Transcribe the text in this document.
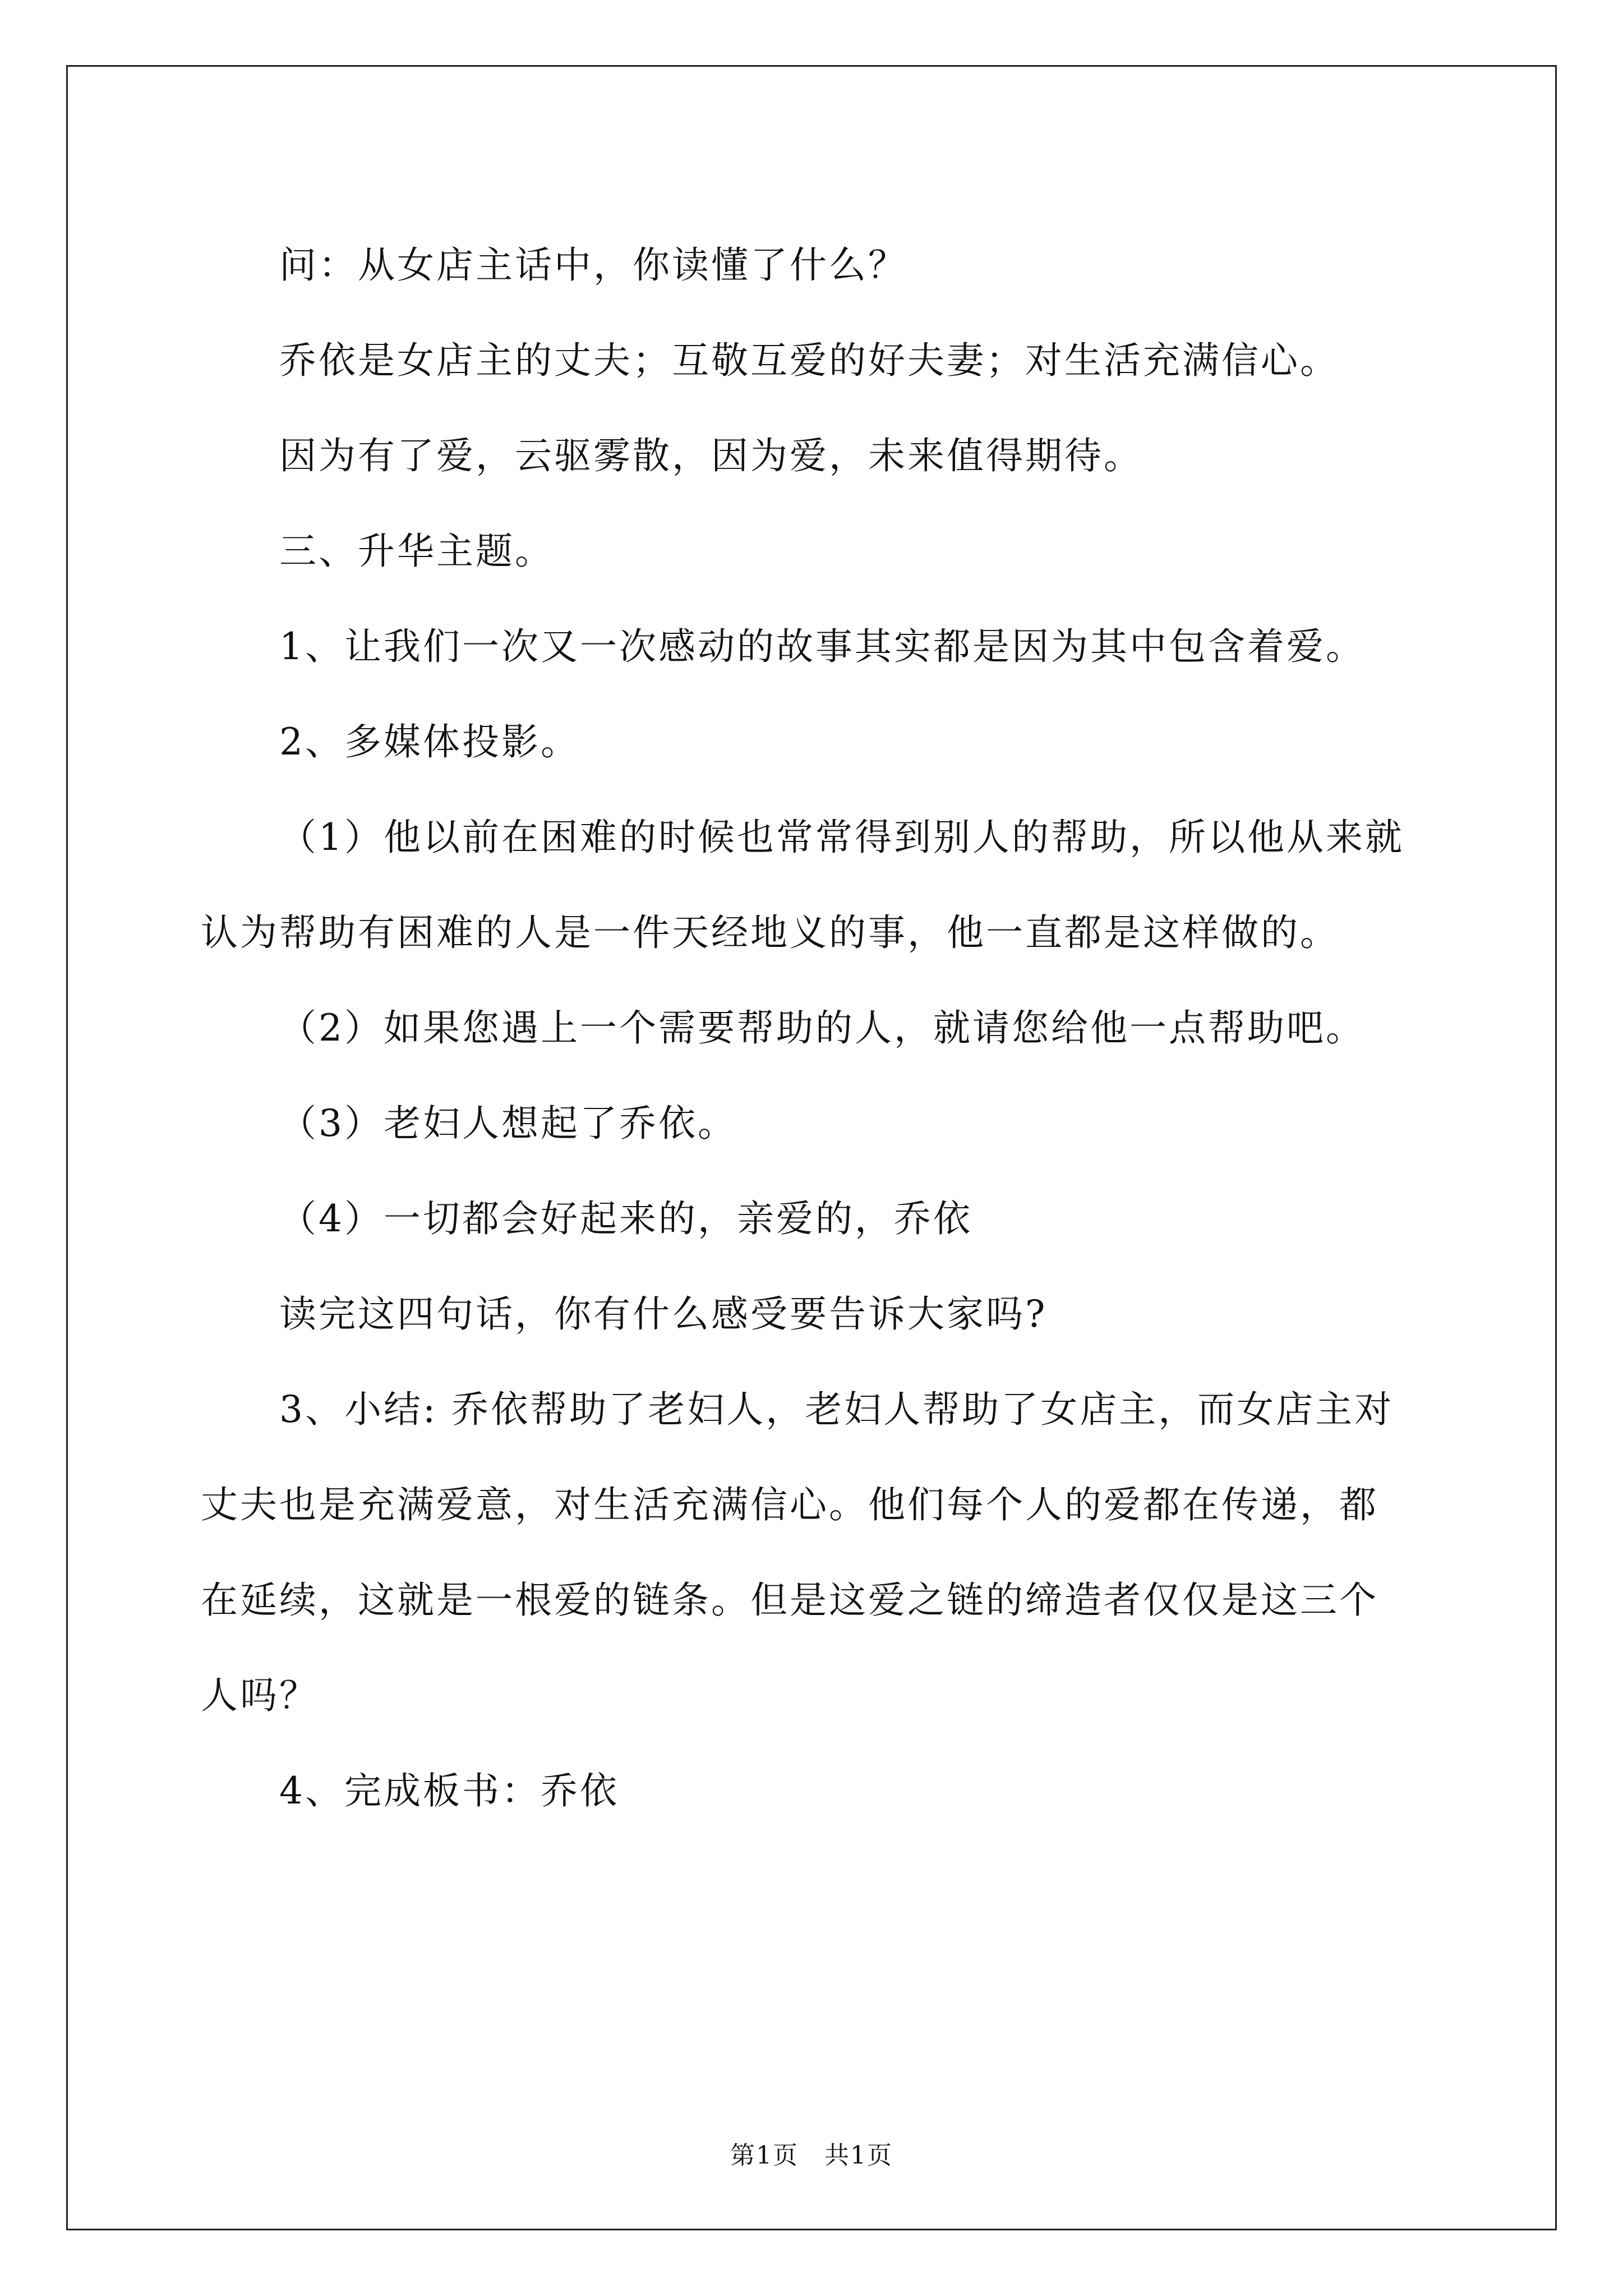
问：从女店主话中，你读懂了什么？

乔依是女店主的丈夫；互敬互爱的好夫妻；对生活充满信心。

因为有了爱，云驱雾散，因为爱，未来值得期待。

三、升华主题。

1、让我们一次又一次感动的故事其实都是因为其中包含着爱。

2、多媒体投影。

（1）他以前在困难的时候也常常得到别人的帮助，所以他从来就

认为帮助有困难的人是一件天经地义的事，他一直都是这样做的。

（2）如果您遇上一个需要帮助的人，就请您给他一点帮助吧。

（3）老妇人想起了乔依。

（4）一切都会好起来的，亲爱的，乔依

读完这四句话，你有什么感受要告诉大家吗?

3、小结: 乔依帮助了老妇人，老妇人帮助了女店主，而女店主对

丈夫也是充满爱意，对生活充满信心。他们每个人的爱都在传递，都

在延续，这就是一根爱的链条。但是这爱之链的缔造者仅仅是这三个

人吗？

4、完成板书：乔依

第1页　共1页
